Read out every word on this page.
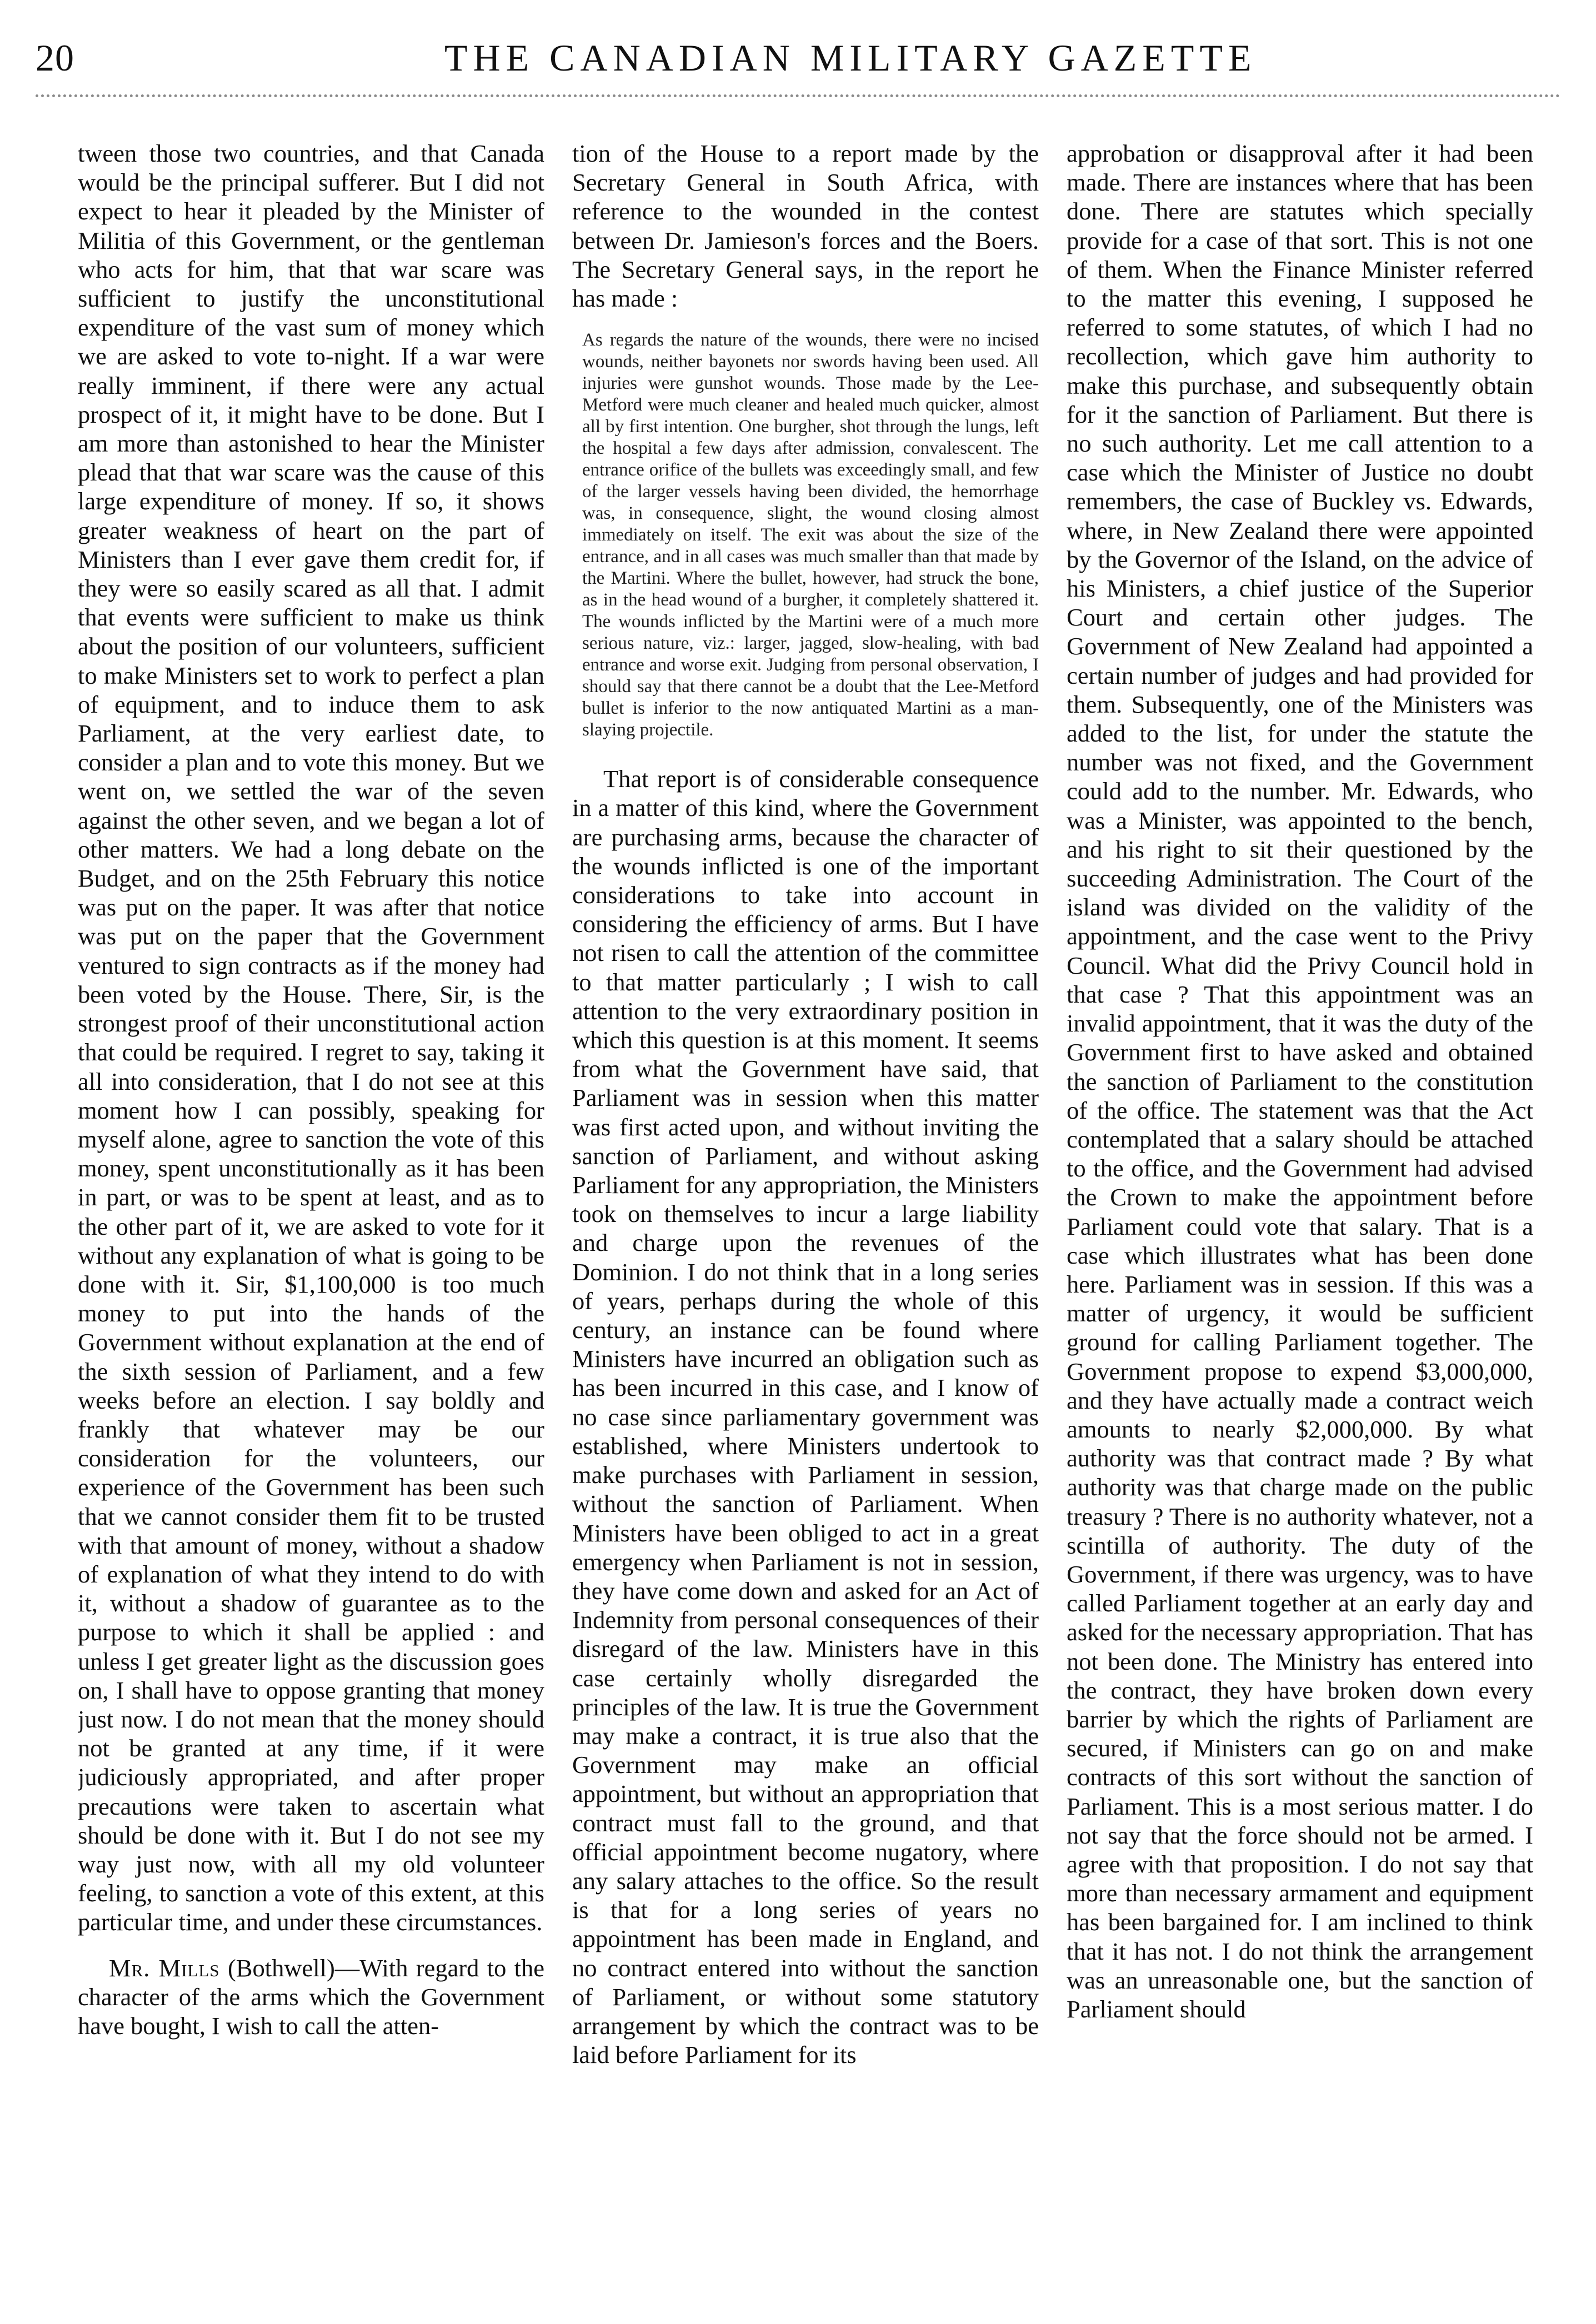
20	THE CANADIAN MILITARY GAZETTE

tween those two countries, and that Canada would be the principal sufferer. But I did not expect to hear it pleaded by the Minister of Militia of this Government, or the gentleman who acts for him, that that war scare was sufficient to justify the unconstitutional expenditure of the vast sum of money which we are asked to vote to-night. If a war were really imminent, if there were any actual prospect of it, it might have to be done. But I am more than astonished to hear the Minister plead that that war scare was the cause of this large expenditure of money. If so, it shows greater weakness of heart on the part of Ministers than I ever gave them credit for, if they were so easily scared as all that. I admit that events were sufficient to make us think about the position of our volunteers, sufficient to make Ministers set to work to perfect a plan of equipment, and to induce them to ask Parliament, at the very earliest date, to consider a plan and to vote this money. But we went on, we settled the war of the seven against the other seven, and we began a lot of other matters. We had a long debate on the Budget, and on the 25th February this notice was put on the paper. It was after that notice was put on the paper that the Government ventured to sign contracts as if the money had been voted by the House. There, Sir, is the strongest proof of their unconstitutional action that could be required. I regret to say, taking it all into consideration, that I do not see at this moment how I can possibly, speaking for myself alone, agree to sanction the vote of this money, spent unconstitutionally as it has been in part, or was to be spent at least, and as to the other part of it, we are asked to vote for it without any explanation of what is going to be done with it. Sir, $1,100,000 is too much money to put into the hands of the Government without explanation at the end of the sixth session of Parliament, and a few weeks before an election. I say boldly and frankly that whatever may be our consideration for the volunteers, our experience of the Government has been such that we cannot consider them fit to be trusted with that amount of money, without a shadow of explanation of what they intend to do with it, without a shadow of guarantee as to the purpose to which it shall be applied : and unless I get greater light as the discussion goes on, I shall have to oppose granting that money just now. I do not mean that the money should not be granted at any time, if it were judiciously appropriated, and after proper precautions were taken to ascertain what should be done with it. But I do not see my way just now, with all my old volunteer feeling, to sanction a vote of this extent, at this particular time, and under these circumstances.

Mr. Mills (Bothwell)—With regard to the character of the arms which the Government have bought, I wish to call the atten-

tion of the House to a report made by the Secretary General in South Africa, with reference to the wounded in the contest between Dr. Jamieson's forces and the Boers. The Secretary General says, in the report he has made :

As regards the nature of the wounds, there were no incised wounds, neither bayonets nor swords having been used. All injuries were gunshot wounds. Those made by the Lee-Metford were much cleaner and healed much quicker, almost all by first intention. One burgher, shot through the lungs, left the hospital a few days after admission, convalescent. The entrance orifice of the bullets was exceedingly small, and few of the larger vessels having been divided, the hemorrhage was, in consequence, slight, the wound closing almost immediately on itself. The exit was about the size of the entrance, and in all cases was much smaller than that made by the Martini. Where the bullet, however, had struck the bone, as in the head wound of a burgher, it completely shattered it. The wounds inflicted by the Martini were of a much more serious nature, viz.: larger, jagged, slow-healing, with bad entrance and worse exit. Judging from personal observation, I should say that there cannot be a doubt that the Lee-Metford bullet is inferior to the now antiquated Martini as a man-slaying projectile.

That report is of considerable consequence in a matter of this kind, where the Government are purchasing arms, because the character of the wounds inflicted is one of the important considerations to take into account in considering the efficiency of arms. But I have not risen to call the attention of the committee to that matter particularly ; I wish to call attention to the very extraordinary position in which this question is at this moment. It seems from what the Government have said, that Parliament was in session when this matter was first acted upon, and without inviting the sanction of Parliament, and without asking Parliament for any appropriation, the Ministers took on themselves to incur a large liability and charge upon the revenues of the Dominion. I do not think that in a long series of years, perhaps during the whole of this century, an instance can be found where Ministers have incurred an obligation such as has been incurred in this case, and I know of no case since parliamentary government was established, where Ministers undertook to make purchases with Parliament in session, without the sanction of Parliament. When Ministers have been obliged to act in a great emergency when Parliament is not in session, they have come down and asked for an Act of Indemnity from personal consequences of their disregard of the law. Ministers have in this case certainly wholly disregarded the principles of the law. It is true the Government may make a contract, it is true also that the Government may make an official appointment, but without an appropriation that contract must fall to the ground, and that official appointment become nugatory, where any salary attaches to the office. So the result is that for a long series of years no appointment has been made in England, and no contract entered into without the sanction of Parliament, or without some statutory arrangement by which the contract was to be laid before Parliament for its

approbation or disapproval after it had been made. There are instances where that has been done. There are statutes which specially provide for a case of that sort. This is not one of them. When the Finance Minister referred to the matter this evening, I supposed he referred to some statutes, of which I had no recollection, which gave him authority to make this purchase, and subsequently obtain for it the sanction of Parliament. But there is no such authority. Let me call attention to a case which the Minister of Justice no doubt remembers, the case of Buckley vs. Edwards, where, in New Zealand there were appointed by the Governor of the Island, on the advice of his Ministers, a chief justice of the Superior Court and certain other judges. The Government of New Zealand had appointed a certain number of judges and had provided for them. Subsequently, one of the Ministers was added to the list, for under the statute the number was not fixed, and the Government could add to the number. Mr. Edwards, who was a Minister, was appointed to the bench, and his right to sit their questioned by the succeeding Administration. The Court of the island was divided on the validity of the appointment, and the case went to the Privy Council. What did the Privy Council hold in that case ? That this appointment was an invalid appointment, that it was the duty of the Government first to have asked and obtained the sanction of Parliament to the constitution of the office. The statement was that the Act contemplated that a salary should be attached to the office, and the Government had advised the Crown to make the appointment before Parliament could vote that salary. That is a case which illustrates what has been done here. Parliament was in session. If this was a matter of urgency, it would be sufficient ground for calling Parliament together. The Government propose to expend $3,000,000, and they have actually made a contract weich amounts to nearly $2,000,000. By what authority was that contract made ? By what authority was that charge made on the public treasury ? There is no authority whatever, not a scintilla of authority. The duty of the Government, if there was urgency, was to have called Parliament together at an early day and asked for the necessary appropriation. That has not been done. The Ministry has entered into the contract, they have broken down every barrier by which the rights of Parliament are secured, if Ministers can go on and make contracts of this sort without the sanction of Parliament. This is a most serious matter. I do not say that the force should not be armed. I agree with that proposition. I do not say that more than necessary armament and equipment has been bargained for. I am inclined to think that it has not. I do not think the arrangement was an unreasonable one, but the sanction of Parliament should
